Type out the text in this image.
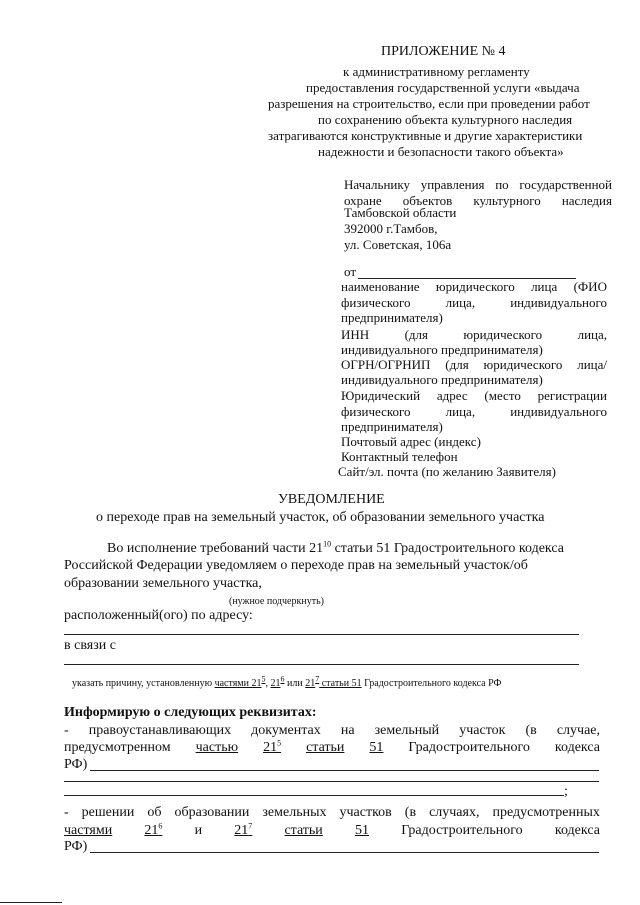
ПРИЛОЖЕНИЕ № 4
к административному регламенту
предоставления государственной услуги «выдача
разрешения на строительство, если при проведении работ
по сохранению объекта культурного наследия
затрагиваются конструктивные и другие характеристики
надежности и безопасности такого объекта»
Начальнику управления по государственной
охране объектов культурного наследия
Тамбовской области
392000 г.Тамбов,
ул. Советская, 106а
от
наименование юридического лица (ФИО
физического	лица,	индивидуального
предпринимателя)
ИНН	(для	юридического	лица,
индивидуального предпринимателя)
ОГРН/ОГРНИП (для юридического лица/
индивидуального предпринимателя)
Юридический адрес (место регистрации
физического	лица,	индивидуального
предпринимателя)
Почтовый адрес (индекс)
Контактный телефон
Сайт/эл. почта (по желанию Заявителя)
УВЕДОМЛЕНИЕ
о переходе прав на земельный участок, об образовании земельного участка
Во исполнение требований части $21^{10}$ статьи 51 Градостроительного кодекса
Российской Федерации уведомляем о переходе прав на земельный участок/об
образовании земельного участка,
(нужное подчеркнуть)
расположенный(ого) по адресу:
в связи с
указать причину, установленную частями $21^5$, $21^6$ или $21^7$ статьи 51 Градостроительного кодекса РФ
Информирую о следующих реквизитах:
- правоустанавливающих документах на земельный участок (в случае,
предусмотренном частью $21^5$ статьи 51 Градостроительного кодекса
РФ)
;
- решении об образовании земельных участков (в случаях, предусмотренных
частями $21^6$ и $21^7$ статьи 51 Градостроительного кодекса
РФ)
